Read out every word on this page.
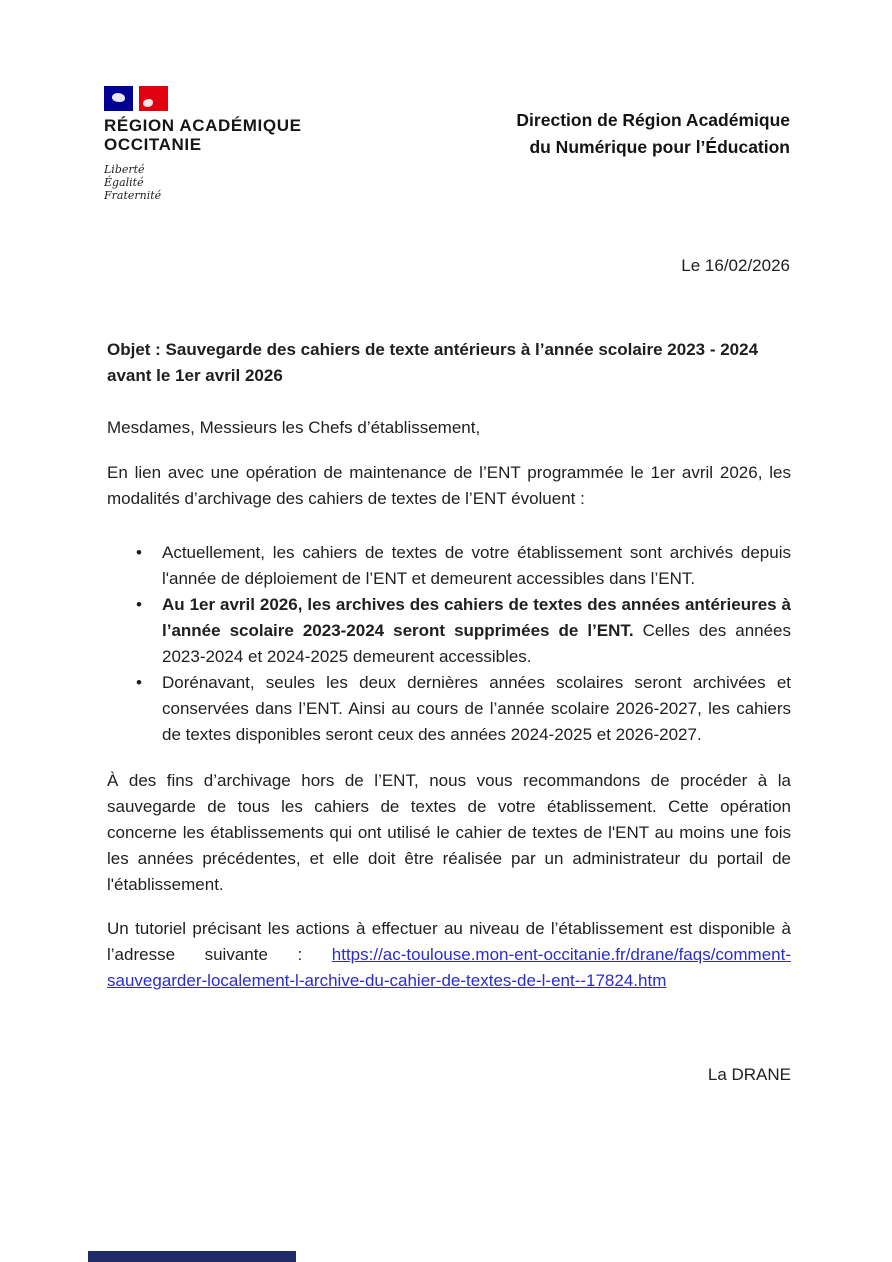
RÉGION ACADÉMIQUE
OCCITANIE
Liberté
Égalité
Fraternité
Direction de Région Académique
du Numérique pour l’Éducation
Le 16/02/2026

Objet : Sauvegarde des cahiers de texte antérieurs à l’année scolaire 2023 - 2024 avant le 1er avril 2026

Mesdames, Messieurs les Chefs d’établissement,

En lien avec une opération de maintenance de l’ENT programmée le 1er avril 2026, les modalités d’archivage des cahiers de textes de l’ENT évoluent :

• Actuellement, les cahiers de textes de votre établissement sont archivés depuis l'année de déploiement de l’ENT et demeurent accessibles dans l’ENT.
• Au 1er avril 2026, les archives des cahiers de textes des années antérieures à l’année scolaire 2023-2024 seront supprimées de l’ENT. Celles des années 2023-2024 et 2024-2025 demeurent accessibles.
• Dorénavant, seules les deux dernières années scolaires seront archivées et conservées dans l’ENT. Ainsi au cours de l’année scolaire 2026-2027, les cahiers de textes disponibles seront ceux des années 2024-2025 et 2026-2027.

À des fins d’archivage hors de l’ENT, nous vous recommandons de procéder à la sauvegarde de tous les cahiers de textes de votre établissement. Cette opération concerne les établissements qui ont utilisé le cahier de textes de l'ENT au moins une fois les années précédentes, et elle doit être réalisée par un administrateur du portail de l'établissement.

Un tutoriel précisant les actions à effectuer au niveau de l’établissement est disponible à l’adresse suivante : https://ac-toulouse.mon-ent-occitanie.fr/drane/faqs/comment-sauvegarder-localement-l-archive-du-cahier-de-textes-de-l-ent--17824.htm

La DRANE
